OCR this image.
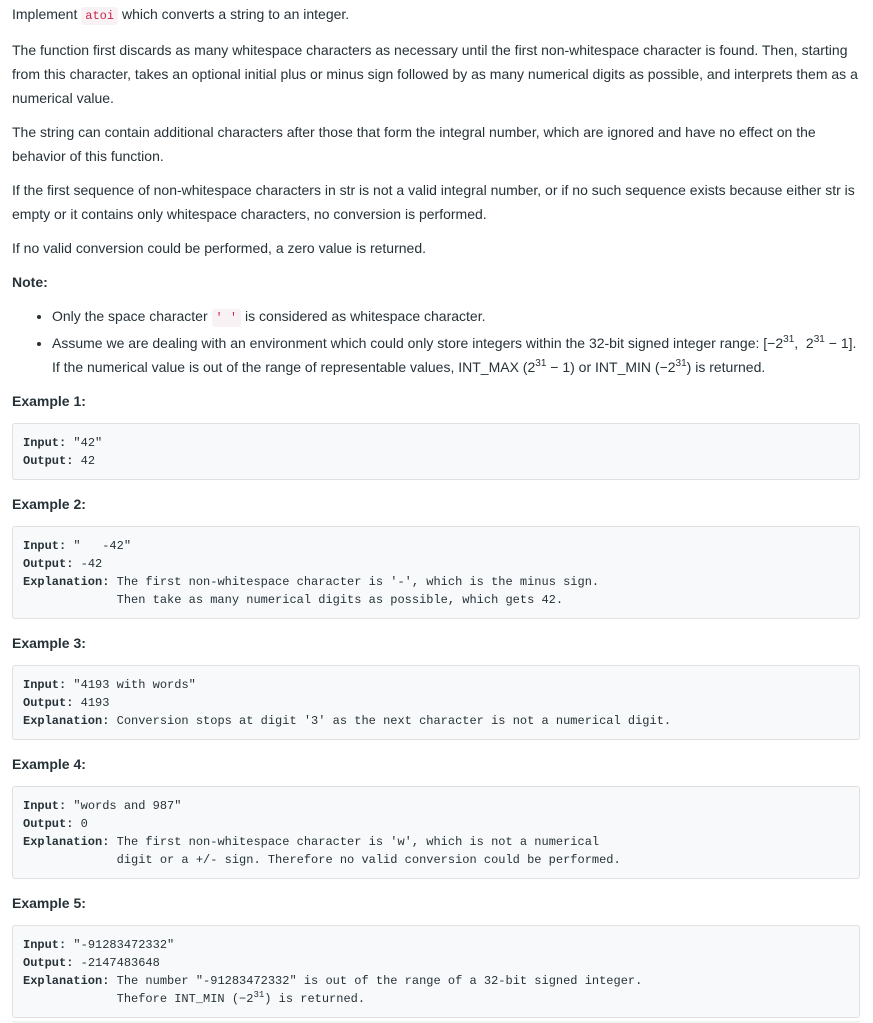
Implement atoi which converts a string to an integer.

The function first discards as many whitespace characters as necessary until the first non-whitespace character is found. Then, starting from this character, takes an optional initial plus or minus sign followed by as many numerical digits as possible, and interprets them as a numerical value.

The string can contain additional characters after those that form the integral number, which are ignored and have no effect on the behavior of this function.

If the first sequence of non-whitespace characters in str is not a valid integral number, or if no such sequence exists because either str is empty or it contains only whitespace characters, no conversion is performed.

If no valid conversion could be performed, a zero value is returned.

Note:
• Only the space character ' ' is considered as whitespace character.
• Assume we are dealing with an environment which could only store integers within the 32-bit signed integer range: [$-2^{31}$,  $2^{31} - 1$]. If the numerical value is out of the range of representable values, INT_MAX $(2^{31} - 1)$ or INT_MIN $(-2^{31})$ is returned.
Example 1:
Input: "42"
Output: 42
Example 2:
Input: "   -42"
Output: -42
Explanation: The first non-whitespace character is '-', which is the minus sign.
Then take as many numerical digits as possible, which gets 42.
Example 3:
Input: "4193 with words"
Output: 4193
Explanation: Conversion stops at digit '3' as the next character is not a numerical digit.
Example 4:
Input: "words and 987"
Output: 0
Explanation: The first non-whitespace character is 'w', which is not a numerical
digit or a +/- sign. Therefore no valid conversion could be performed.
Example 5:
Input: "-91283472332"
Output: -2147483648
Explanation: The number "-91283472332" is out of the range of a 32-bit signed integer.
Thefore INT_MIN $(-2^{31})$ is returned.
